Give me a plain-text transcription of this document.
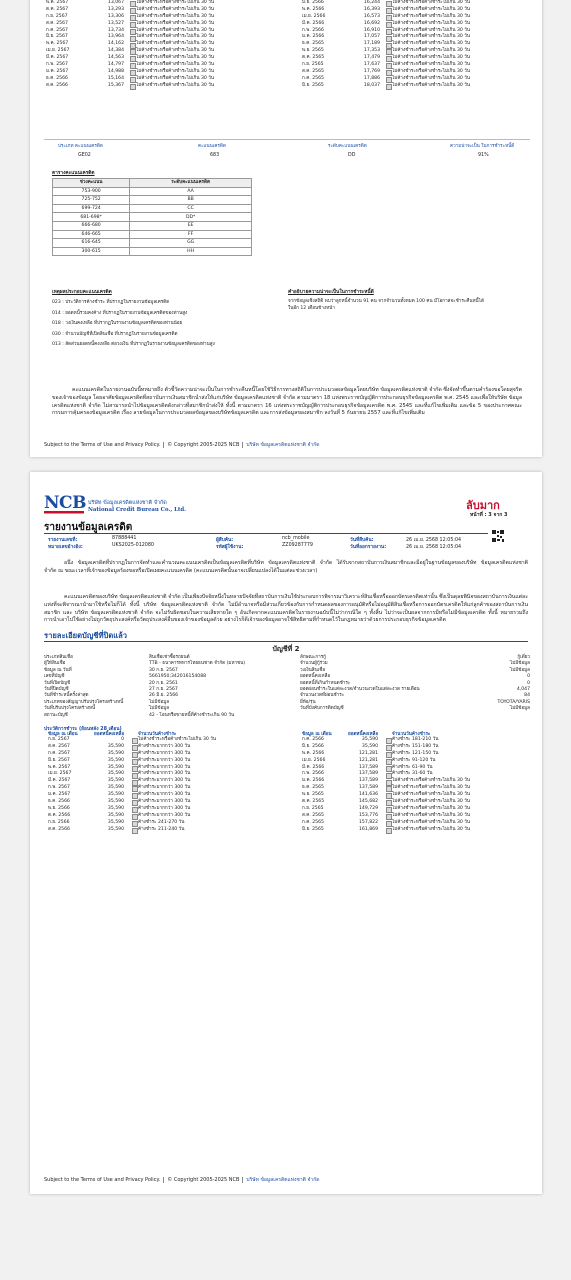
พ.ค. 2567	13,067	ไม่ค้างชำระหรือค้างชำระไม่เกิน 30 วัน
ต.ค. 2567	13,293	ไม่ค้างชำระหรือค้างชำระไม่เกิน 30 วัน
ก.ย. 2567	13,306	ไม่ค้างชำระหรือค้างชำระไม่เกิน 30 วัน
ส.ค. 2567	13,527	ไม่ค้างชำระหรือค้างชำระไม่เกิน 30 วัน
ก.ค. 2567	13,734	ไม่ค้างชำระหรือค้างชำระไม่เกิน 30 วัน
มิ.ย. 2567	13,964	ไม่ค้างชำระหรือค้างชำระไม่เกิน 30 วัน
พ.ค. 2567	14,162	ไม่ค้างชำระหรือค้างชำระไม่เกิน 30 วัน
เม.ย. 2567	14,384	ไม่ค้างชำระหรือค้างชำระไม่เกิน 30 วัน
มี.ค. 2567	14,563	ไม่ค้างชำระหรือค้างชำระไม่เกิน 30 วัน
ก.พ. 2567	14,797	ไม่ค้างชำระหรือค้างชำระไม่เกิน 30 วัน
ม.ค. 2567	14,988	ไม่ค้างชำระหรือค้างชำระไม่เกิน 30 วัน
ธ.ค. 2566	15,164	ไม่ค้างชำระหรือค้างชำระไม่เกิน 30 วัน
ส.ค. 2566	15,367	ไม่ค้างชำระหรือค้างชำระไม่เกิน 30 วัน
มี.ย. 2566	16,244	ไม่ค้างชำระหรือค้างชำระไม่เกิน 30 วัน
พ.ค. 2566	16,393	ไม่ค้างชำระหรือค้างชำระไม่เกิน 30 วัน
เม.ย. 2566	16,573	ไม่ค้างชำระหรือค้างชำระไม่เกิน 30 วัน
มี.ค. 2566	16,692	ไม่ค้างชำระหรือค้างชำระไม่เกิน 30 วัน
ก.พ. 2566	16,910	ไม่ค้างชำระหรือค้างชำระไม่เกิน 30 วัน
ม.ค. 2566	17,057	ไม่ค้างชำระหรือค้างชำระไม่เกิน 30 วัน
ธ.ค. 2565	17,189	ไม่ค้างชำระหรือค้างชำระไม่เกิน 30 วัน
พ.ย. 2565	17,353	ไม่ค้างชำระหรือค้างชำระไม่เกิน 30 วัน
ต.ค. 2565	17,479	ไม่ค้างชำระหรือค้างชำระไม่เกิน 30 วัน
ก.ย. 2565	17,637	ไม่ค้างชำระหรือค้างชำระไม่เกิน 30 วัน
ส.ค. 2565	17,769	ไม่ค้างชำระหรือค้างชำระไม่เกิน 30 วัน
ก.ค. 2565	17,886	ไม่ค้างชำระหรือค้างชำระไม่เกิน 30 วัน
มิ.ย. 2565	18,037	ไม่ค้างชำระหรือค้างชำระไม่เกิน 30 วัน
ประเภท คะแนนเครดิต	คะแนนเครดิต	ระดับคะแนนเครดิต	ความน่าจะเป็น ในการชำระหนี้ดี
GE02	683	DD	91%
ตารางคะแนนเครดิต
ช่วงคะแนน	ระดับคะแนนเครดิต
753-900	AA
725-752	BB
699-724	CC
681-698*	DD*
666-680	EE
646-665	FF
616-645	GG
300-615	HH
เหตุผลประกอบคะแนนเครดิต
023 : ประวัติการค้างชำระ ที่ปรากฏในรายงานข้อมูลเครดิต
014 : ยอดหนี้รวมคงค้าง ที่ปรากฏในรายงานข้อมูลเครดิตของท่านสูง
018 : วงเงินคงเหลือ ที่ปรากฏในรายงานข้อมูลเครดิตของท่านน้อย
030 : จำนวนบัญชีที่เปิดสินเชื่อ ที่ปรากฏในรายงานข้อมูลเครดิต
013 : สัดส่วนยอดหนี้คงเหลือ ต่อวงเงิน ที่ปรากฏในรายงานข้อมูลเครดิตของท่านสูง
คำอธิบายความน่าจะเป็นในการชำระหนี้ดี
จากข้อมูลเชิงสถิติ พบว่าลูกหนี้จำนวน 91 คน จากจำนวนทั้งหมด 100 คน มีโอกาสจะชำระคืนหนี้ได้ในอีก 12 เดือนข้างหน้า
คะแนนเครดิตในรายงานฉบับนี้ทหมายถึง ตัวชี้วัดความน่าจะเป็นในการชำระคืนหนี้โดยใช้วิธีการทางสถิติในการประมวลผลข้อมูลโดยบริษัท ข้อมูลเครดิตแห่งชาติ จำกัด ซึ่งจัดทำขึ้นตามคำร้องขอโดยสุจริตของเจ้าของข้อมูล โดยอาศัยข้อมูลเครดิตที่สถาบันการเงินสมาชิกนำส่งให้แก่บริษัท ข้อมูลเครดิตแห่งชาติ จำกัด ตามมาตรา 18 แห่งพระราชบัญญัติการประกอบธุรกิจข้อมูลเครดิต พ.ศ. 2545 และเพื่อให้บริษัท ข้อมูลเครดิตแห่งชาติ จำกัด ไม่สามารถนำไปข้อมูลเครดิตดังกล่าวที่สมาชิกนำส่งให้ ทั้งนี้ ตามมาตรา 16 แห่งพระราชบัญญัติการประกอบธุรกิจข้อมูลเครดิต พ.ศ. 2545 และที่แก้ไขเพิ่มเติม และข้อ 5 ของประกาศคณะกรรมการคุ้มครองข้อมูลเครดิต เรื่อง ลายข้อมูลในการประมวลผลข้อมูลของบริษัทข้อมูลเครดิต และการส่งข้อมูลของสมาชิก ลงวันที่ 5 กันยายน 2557 และที่แก้ไขเพิ่มเติม
Subject to the Terms of Use and Privacy Policy. © Copyright 2005-2025 NCB บริษัท ข้อมูลเครดิตแห่งชาติ จำกัด
NCB บริษัท ข้อมูลเครดิตแห่งชาติ จำกัด
National Credit Bureau Co., Ltd.	ลับมาก
หน้าที่ : 3 จาก 3
รายงานข้อมูลเครดิต
รายงานเลขที่:	87888441	ผู้สืบค้น:	ncb_mobile	วันที่สืบค้น:	26 เม.ย. 2568 12:05:04
หมายเลขอ้างอิง:	UKS2025-012080	รหัสผู้ใช้งาน:	ZZ09287779	วันที่ออกรายงาน:	26 เม.ย. 2568 12:05:04
อนึ่ง ข้อมูลเครดิตที่ปรากฏในการจัดทำและคำนวณคะแนนเครดิตเป็นข้อมูลเครดิตที่บริษัท ข้อมูลเครดิตแห่งชาติ จำกัด ได้รับจากสถาบันการเงินสมาชิกและมีอยู่ในฐานข้อมูลของบริษัท ข้อมูลเครดิตแห่งชาติ จำกัด ณ ขณะเวลาที่เจ้าของข้อมูลร้องขอหรือเปิดเผยคะแนนเครดิต (คะแนนเครดิตนั้นอาจเปลี่ยนแปลงได้ในแต่ละช่วงเวลา)
คะแนนเครดิตของบริษัท ข้อมูลเครดิตแห่งชาติ จำกัด เป็นเพียงปัจจัยหนึ่งในหลายปัจจัยที่สถาบันการเงินใช้ประกอบการพิจารณาวิเคราะห์สินเชื่อหรือออกบัตรเครดิตเท่านั้น ซึ่งเป็นดุลยพินิจของสถาบันการเงินแต่ละแห่งที่จะพิจารณานำมาใช้หรือไม่ก็ได้ ทั้งนี้ บริษัท ข้อมูลเครดิตแห่งชาติ จำกัด ไม่มีอำนาจหรือมีส่วนเกี่ยวข้องกับการกำหนดผลของการอนุมัติหรือไม่อนุมัติสินเชื่อหรือการออกบัตรเครดิตให้แก่ลูกค้าของสถาบันการเงินสมาชิก และ บริษัท ข้อมูลเครดิตแห่งชาติ จำกัด จะไม่รับผิดชอบในความเสียหายใด ๆ อันเกิดจากคะแนนเครดิตในรายงานฉบับนี้ไม่ว่ากรณีใด ๆ ทั้งสิ้น ไม่ว่าจะเป็นผลจากการมีหรือไม่มีข้อมูลเครดิต ทั้งนี้ หมายรวมถึงการนำเอาไปใช้อย่างไม่ถูกวัตถุประสงค์หรือวัตถุประสงค์อื่นของเจ้าของข้อมูลด้วย อย่างไรก็ดีเจ้าของข้อมูลอาจใช้สิทธิตามที่กำหนดไว้ในกฎหมายว่าด้วยการประกอบธุรกิจข้อมูลเครดิต
รายละเอียดบัญชีที่ปิดแล้ว
บัญชีที่ 2
ประเภทสินเชื่อ	สินเชื่อเช่าซื้อรถยนต์
ผู้ให้สินเชื่อ	TTB - ธนาคารทหารไทยธนชาต จำกัด (มหาชน)
ข้อมูล ณ วันที่	30 ก.ย. 2567
เลขที่บัญชี	5661950;342016154088
วันที่เปิดบัญชี	20 ก.ย. 2561
วันที่ปิดบัญชี	27 ก.ย. 2567
วันที่ชำระหนี้ครั้งล่าสุด	26 มิ.ย. 2566
ประเภทของสัญญาปรับปรุงโครงสร้างหนี้	ไม่มีข้อมูล
วันที่ปรับปรุงโครงสร้างหนี้	ไม่มีข้อมูล
สถานะบัญชี	42 - โอนหรือขายหนี้ที่ค้างชำระเกิน 90 วัน
ลักษณะการกู้	กู้เดี่ยว
จำนวนผู้กู้ร่วม	ไม่มีข้อมูล
วงเงินสินเชื่อ	ไม่มีข้อมูล
ยอดหนี้คงเหลือ	0
ยอดหนี้ที่เกินกำหนดชำระ	0
ยอดผ่อนชำระในแต่ละงวด/จำนวนงวดในแต่ละงวด รายเดือน	4,047
จำนวนงวดที่ผ่อนชำระ	84
ยี่ห้อ/รุ่น	TOYOTA/YARIS
วันที่บังคับการติดบัญชี	ไม่มีข้อมูล
ประวัติการชำระ (ย้อนหลัง 28 เดือน)
ข้อมูล ณ เดือน	ยอดหนี้คงเหลือ	จำนวนวันค้างชำระ	ข้อมูล ณ เดือน	ยอดหนี้คงเหลือ	จำนวนวันค้างชำระ
ก.ย. 2567	0	ไม่ค้างชำระหรือค้างชำระไม่เกิน 30 วัน
ส.ค. 2567	35,590	ค้างชำระมากกว่า 300 วัน
ก.ค. 2567	35,590	ค้างชำระมากกว่า 300 วัน
มิ.ย. 2567	35,590	ค้างชำระมากกว่า 300 วัน
พ.ค. 2567	35,590	ค้างชำระมากกว่า 300 วัน
เม.ย. 2567	35,590	ค้างชำระมากกว่า 300 วัน
มี.ค. 2567	35,590	ค้างชำระมากกว่า 300 วัน
ก.พ. 2567	35,590	ค้างชำระมากกว่า 300 วัน
ม.ค. 2567	35,590	ค้างชำระมากกว่า 300 วัน
ธ.ค. 2566	35,590	ค้างชำระมากกว่า 300 วัน
พ.ย. 2566	35,590	ค้างชำระมากกว่า 300 วัน
ต.ค. 2566	35,590	ค้างชำระมากกว่า 300 วัน
ก.ย. 2566	35,590	ค้างชำระ 241-270 วัน
ส.ค. 2566	35,590	ค้างชำระ 211-240 วัน
ก.ค. 2566	35,590	ค้างชำระ 181-210 วัน
มิ.ย. 2566	35,590	ค้างชำระ 151-180 วัน
พ.ค. 2566	121,281	ค้างชำระ 121-150 วัน
เม.ย. 2566	121,281	ค้างชำระ 91-120 วัน
มี.ค. 2566	137,589	ค้างชำระ 61-90 วัน
ก.พ. 2566	137,589	ค้างชำระ 31-60 วัน
ม.ค. 2566	137,589	ไม่ค้างชำระหรือค้างชำระไม่เกิน 30 วัน
ธ.ค. 2565	137,589	ไม่ค้างชำระหรือค้างชำระไม่เกิน 30 วัน
พ.ย. 2565	141,636	ไม่ค้างชำระหรือค้างชำระไม่เกิน 30 วัน
ต.ค. 2565	145,682	ไม่ค้างชำระหรือค้างชำระไม่เกิน 30 วัน
ก.ย. 2565	149,729	ไม่ค้างชำระหรือค้างชำระไม่เกิน 30 วัน
ส.ค. 2565	153,776	ไม่ค้างชำระหรือค้างชำระไม่เกิน 30 วัน
ก.ค. 2565	157,822	ไม่ค้างชำระหรือค้างชำระไม่เกิน 30 วัน
มิ.ย. 2565	161,869	ไม่ค้างชำระหรือค้างชำระไม่เกิน 30 วัน
Subject to the Terms of Use and Privacy Policy. © Copyright 2005-2025 NCB บริษัท ข้อมูลเครดิตแห่งชาติ จำกัด
